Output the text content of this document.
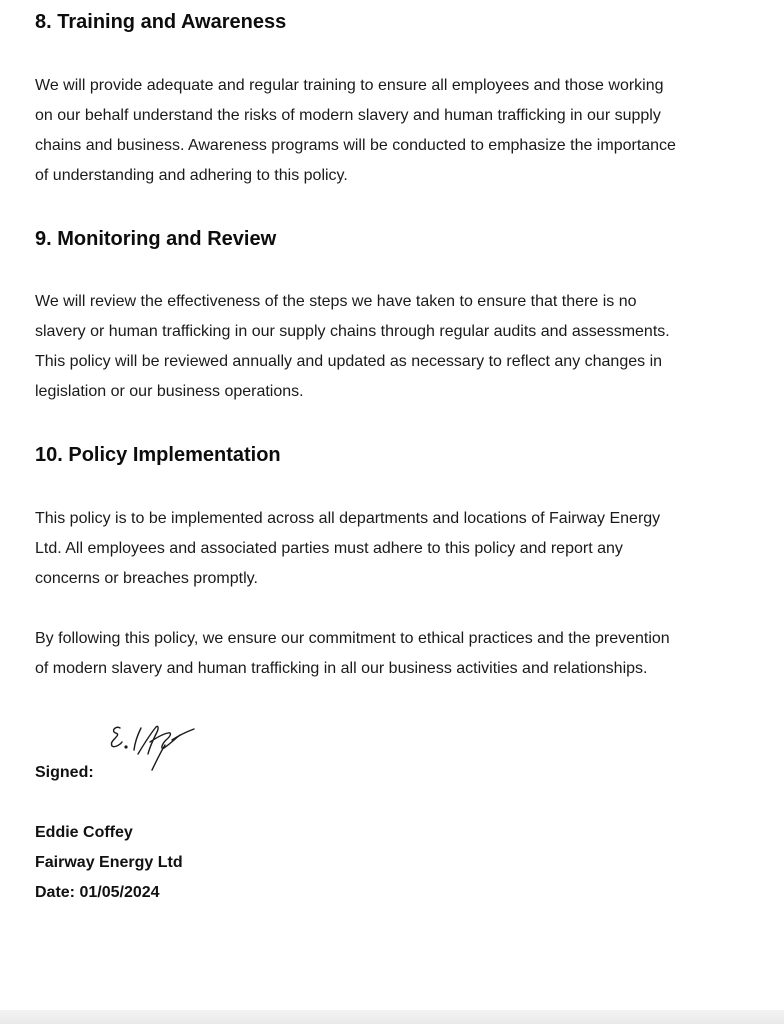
8. Training and Awareness

We will provide adequate and regular training to ensure all employees and those working

on our behalf understand the risks of modern slavery and human trafficking in our supply

chains and business. Awareness programs will be conducted to emphasize the importance

of understanding and adhering to this policy.

9. Monitoring and Review

We will review the effectiveness of the steps we have taken to ensure that there is no

slavery or human trafficking in our supply chains through regular audits and assessments.

This policy will be reviewed annually and updated as necessary to reflect any changes in

legislation or our business operations.

10. Policy Implementation

This policy is to be implemented across all departments and locations of Fairway Energy

Ltd. All employees and associated parties must adhere to this policy and report any

concerns or breaches promptly.

By following this policy, we ensure our commitment to ethical practices and the prevention

of modern slavery and human trafficking in all our business activities and relationships.

Signed:
Eddie Coffey
Fairway Energy Ltd
Date: 01/05/2024
